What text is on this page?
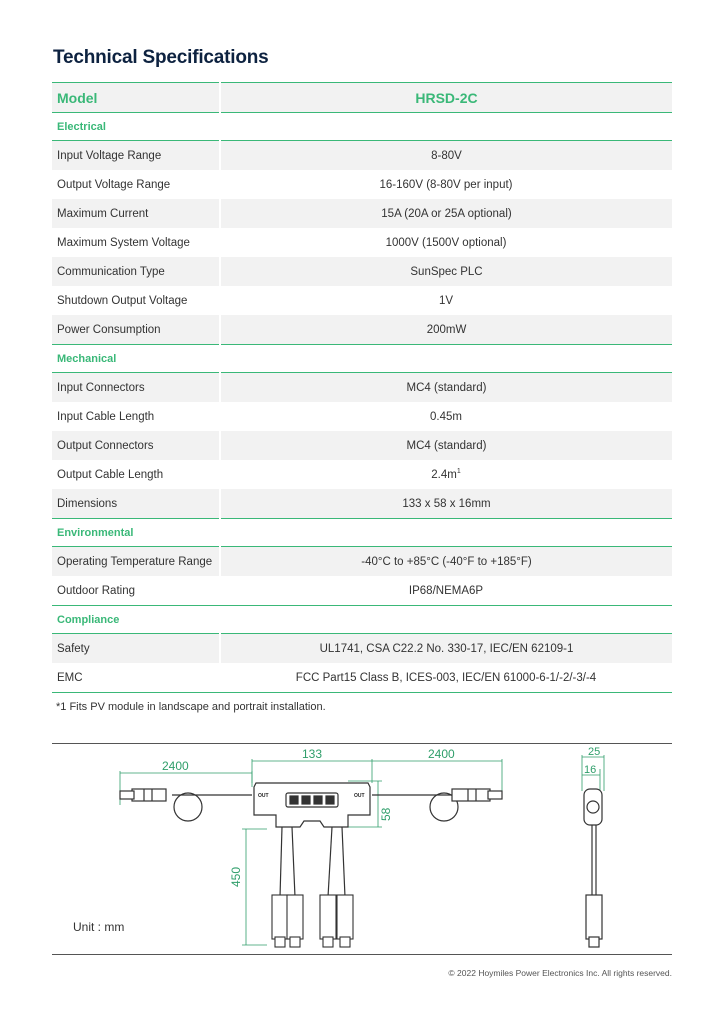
Technical Specifications
Model	HRSD-2C
Electrical	
Input Voltage Range	8-80V
Output Voltage Range	16-160V (8-80V per input)
Maximum Current	15A (20A or 25A optional)
Maximum System Voltage	1000V (1500V optional)
Communication Type	SunSpec PLC
Shutdown Output Voltage	1V
Power Consumption	200mW
Mechanical	
Input Connectors	MC4 (standard)
Input Cable Length	0.45m
Output Connectors	MC4 (standard)
Output Cable Length	$2.4m^1$
Dimensions	133 x 58 x 16mm
Environmental	
Operating Temperature Range	-40°C to +85°C (-40°F to +185°F)
Outdoor Rating	IP68/NEMA6P
Compliance	
Safety	UL1741, CSA C22.2 No. 330-17, IEC/EN 62109-1
EMC	FCC Part15 Class B, ICES-003, IEC/EN 61000-6-1/-2/-3/-4
*1 Fits PV module in landscape and portrait installation.
2400
133	2400
58
450
25
16
OUT	OUT
Unit : mm
© 2022 Hoymiles Power Electronics Inc. All rights reserved.
